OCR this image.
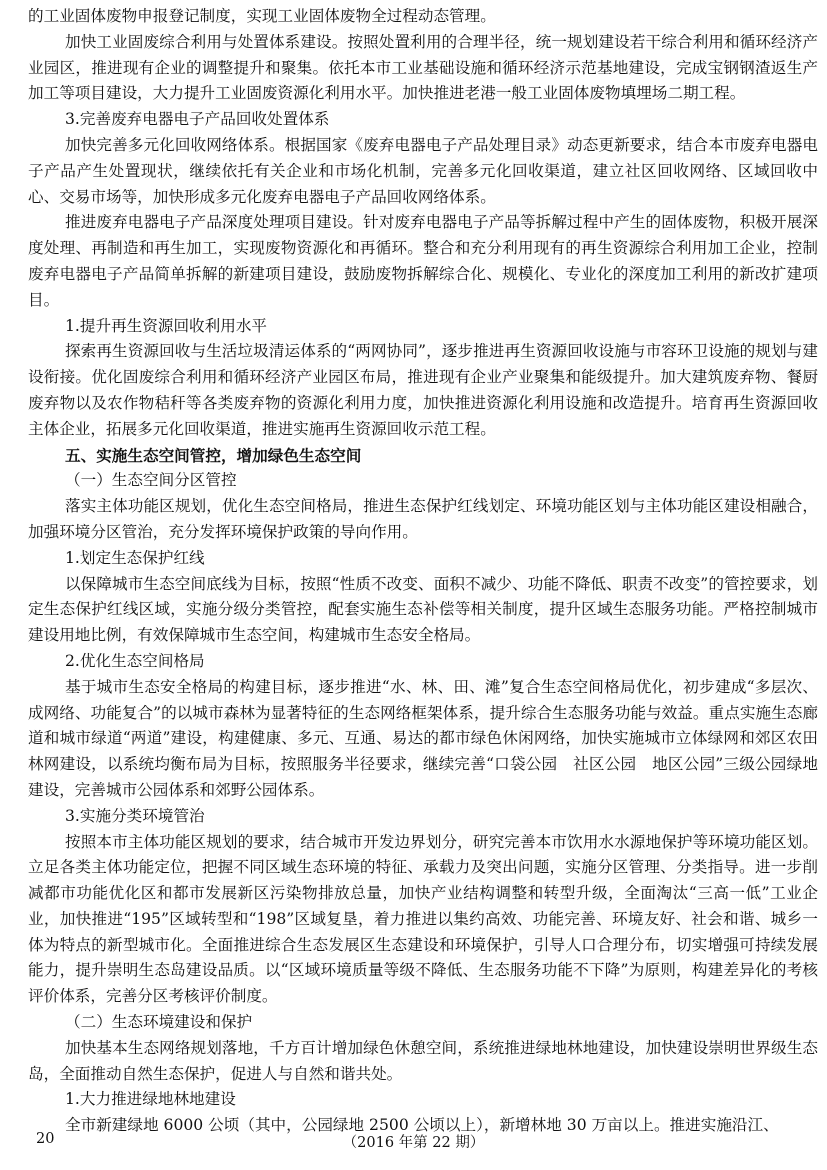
的工业固体废物申报登记制度，实现工业固体废物全过程动态管理。

加快工业固废综合利用与处置体系建设。按照处置利用的合理半径，统一规划建设若干综合利用和循环经济产业园区，推进现有企业的调整提升和聚集。依托本市工业基础设施和循环经济示范基地建设，完成宝钢钢渣返生产加工等项目建设，大力提升工业固废资源化利用水平。加快推进老港一般工业固体废物填埋场二期工程。

3.完善废弃电器电子产品回收处置体系

加快完善多元化回收网络体系。根据国家《废弃电器电子产品处理目录》动态更新要求，结合本市废弃电器电子产品产生处置现状，继续依托有关企业和市场化机制，完善多元化回收渠道，建立社区回收网络、区域回收中心、交易市场等，加快形成多元化废弃电器电子产品回收网络体系。

推进废弃电器电子产品深度处理项目建设。针对废弃电器电子产品等拆解过程中产生的固体废物，积极开展深度处理、再制造和再生加工，实现废物资源化和再循环。整合和充分利用现有的再生资源综合利用加工企业，控制废弃电器电子产品简单拆解的新建项目建设，鼓励废物拆解综合化、规模化、专业化的深度加工利用的新改扩建项目。

1.提升再生资源回收利用水平

探索再生资源回收与生活垃圾清运体系的“两网协同”，逐步推进再生资源回收设施与市容环卫设施的规划与建设衔接。优化固废综合利用和循环经济产业园区布局，推进现有企业产业聚集和能级提升。加大建筑废弃物、餐厨废弃物以及农作物秸秆等各类废弃物的资源化利用力度，加快推进资源化利用设施和改造提升。培育再生资源回收主体企业，拓展多元化回收渠道，推进实施再生资源回收示范工程。

五、实施生态空间管控，增加绿色生态空间

（一）生态空间分区管控

落实主体功能区规划，优化生态空间格局，推进生态保护红线划定、环境功能区划与主体功能区建设相融合，加强环境分区管治，充分发挥环境保护政策的导向作用。

1.划定生态保护红线

以保障城市生态空间底线为目标，按照“性质不改变、面积不减少、功能不降低、职责不改变”的管控要求，划定生态保护红线区域，实施分级分类管控，配套实施生态补偿等相关制度，提升区域生态服务功能。严格控制城市建设用地比例，有效保障城市生态空间，构建城市生态安全格局。

2.优化生态空间格局

基于城市生态安全格局的构建目标，逐步推进“水、林、田、滩”复合生态空间格局优化，初步建成“多层次、成网络、功能复合”的以城市森林为显著特征的生态网络框架体系，提升综合生态服务功能与效益。重点实施生态廊道和城市绿道“两道”建设，构建健康、多元、互通、易达的都市绿色休闲网络，加快实施城市立体绿网和郊区农田林网建设，以系统均衡布局为目标，按照服务半径要求，继续完善“口袋公园　社区公园　地区公园”三级公园绿地建设，完善城市公园体系和郊野公园体系。

3.实施分类环境管治

按照本市主体功能区规划的要求，结合城市开发边界划分，研究完善本市饮用水水源地保护等环境功能区划。立足各类主体功能定位，把握不同区域生态环境的特征、承载力及突出问题，实施分区管理、分类指导。进一步削减都市功能优化区和都市发展新区污染物排放总量，加快产业结构调整和转型升级，全面淘汰“三高一低”工业企业，加快推进“195”区域转型和“198”区域复垦，着力推进以集约高效、功能完善、环境友好、社会和谐、城乡一体为特点的新型城市化。全面推进综合生态发展区生态建设和环境保护，引导人口合理分布，切实增强可持续发展能力，提升崇明生态岛建设品质。以“区域环境质量等级不降低、生态服务功能不下降”为原则，构建差异化的考核评价体系，完善分区考核评价制度。

（二）生态环境建设和保护

加快基本生态网络规划落地，千方百计增加绿色休憩空间，系统推进绿地林地建设，加快建设崇明世界级生态岛，全面推动自然生态保护，促进人与自然和谐共处。

1.大力推进绿地林地建设

全市新建绿地 6000 公顷（其中，公园绿地 2500 公顷以上），新增林地 30 万亩以上。推进实施沿江、

20	（2016 年第 22 期）
